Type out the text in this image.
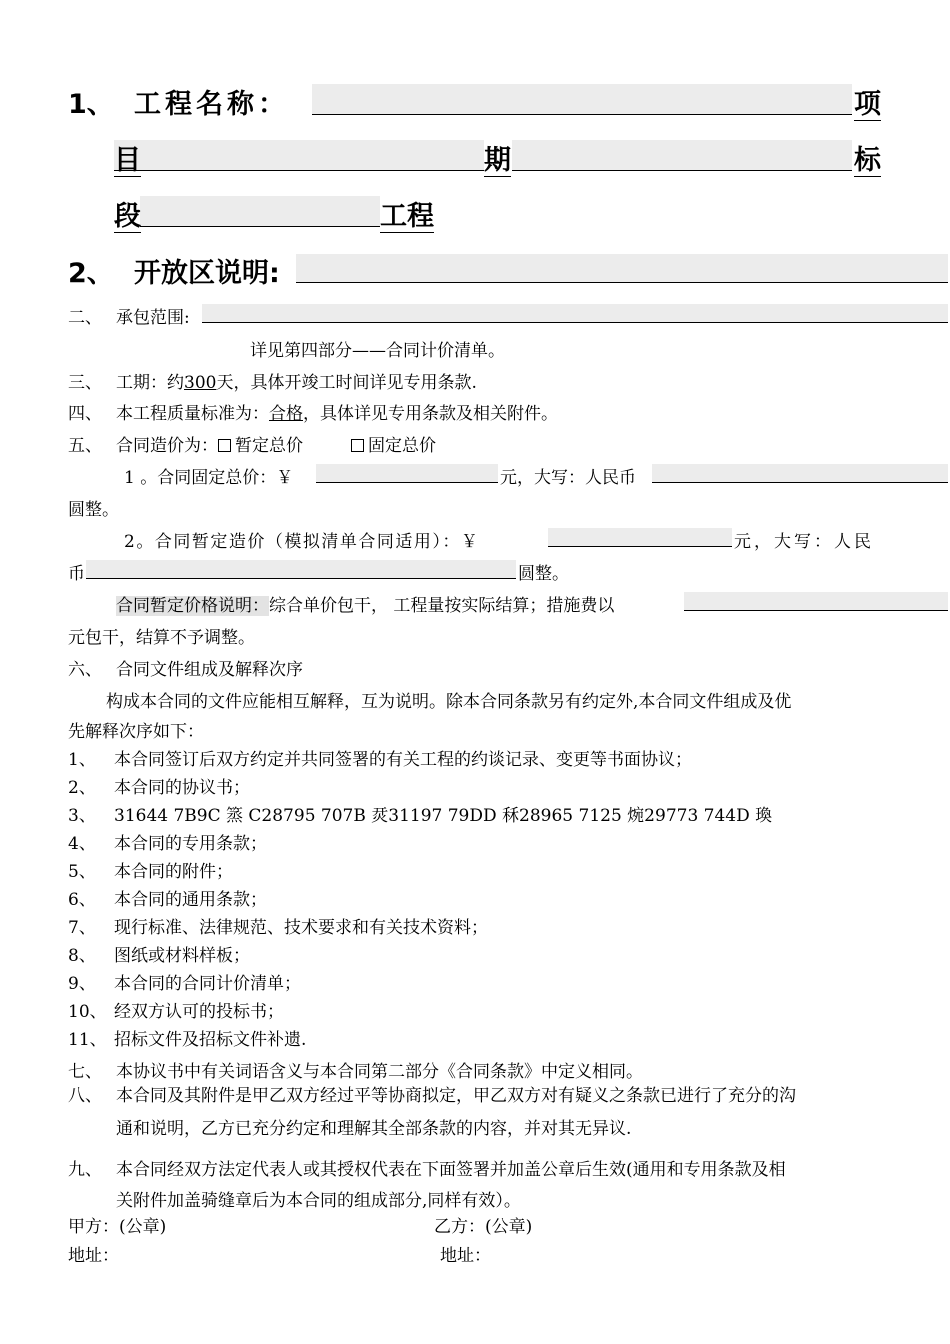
1、 工程名称：	项
目	期	标
段	工程
2、 开放区说明:
二、 承包范围:
详见第四部分——合同计价清单。
三、 工期：约300天，具体开竣工时间详见专用条款.
四、 本工程质量标准为：合格，具体详见专用条款及相关附件。
五、 合同造价为： 暂定总价	固定总价
1 。合同固定总价：￥	元，大写：人民币
圆整。
2。合同暂定造价（模拟清单合同适用）：￥	元，大写：人民
币	圆整。
合同暂定价格说明：综合单价包干， 工程量按实际结算；措施费以
元包干，结算不予调整。
六、 合同文件组成及解释次序
构成本合同的文件应能相互解释，互为说明。除本合同条款另有约定外,本合同文件组成及优
先解释次序如下：
1、 本合同签订后双方约定并共同签署的有关工程的约谈记录、变更等书面协议；
2、 本合同的协议书；
3、 31644 7B9C 篜 C28795 707B 烎31197 79DD 秝28965 7125 焥29773 744D 瑍
4、 本合同的专用条款；
5、 本合同的附件；
6、 本合同的通用条款；
7、 现行标准、法律规范、技术要求和有关技术资料；
8、 图纸或材料样板；
9、 本合同的合同计价清单；
10、 经双方认可的投标书；
11、 招标文件及招标文件补遗.
七、 本协议书中有关词语含义与本合同第二部分《合同条款》中定义相同。
八、 本合同及其附件是甲乙双方经过平等协商拟定，甲乙双方对有疑义之条款已进行了充分的沟
通和说明，乙方已充分约定和理解其全部条款的内容，并对其无异议.
九、 本合同经双方法定代表人或其授权代表在下面签署并加盖公章后生效(通用和专用条款及相
关附件加盖骑缝章后为本合同的组成部分,同样有效）。
甲方：(公章)	乙方：(公章)
地址：	地址：
